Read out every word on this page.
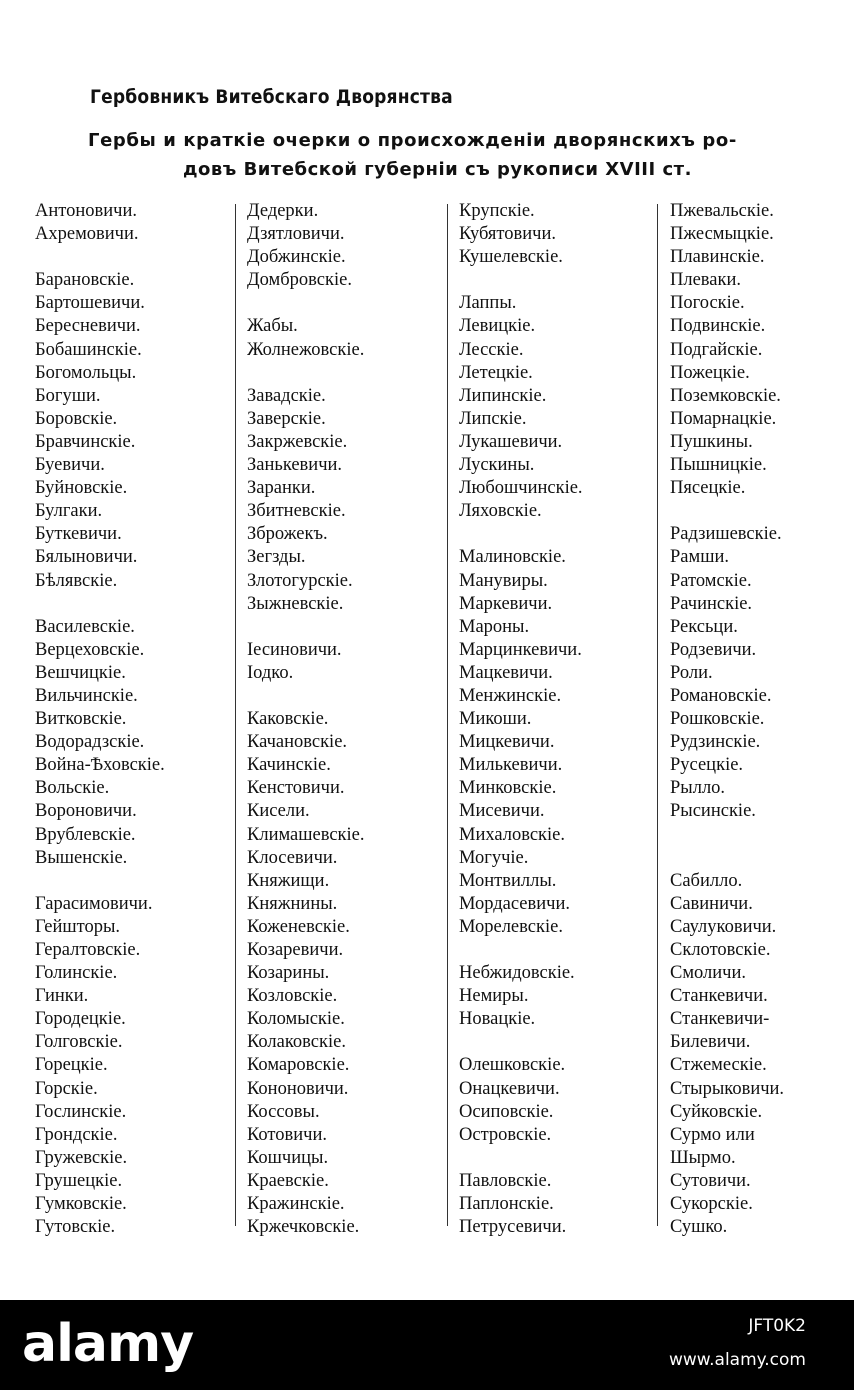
Гербовникъ Витебскаго Дворянства
Гербы и краткіе очерки о происхожденіи дворянскихъ ро-
довъ Витебской губерніи съ рукописи XVIII ст.
Антоновичи.
Ахремовичи.
Барановскіе.
Бартошевичи.
Бересневичи.
Бобашинскіе.
Богомольцы.
Богуши.
Боровскіе.
Бравчинскіе.
Буевичи.
Буйновскіе.
Булгаки.
Буткевичи.
Бялыновичи.
Бѣлявскіе.
Василевскіе.
Верцеховскіе.
Вешчицкіе.
Вильчинскіе.
Витковскіе.
Водорадзскіе.
Война-Ѣховскіе.
Вольскіе.
Вороновичи.
Врублевскіе.
Вышенскіе.
Гарасимовичи.
Гейшторы.
Гералтовскіе.
Голинскіе.
Гинки.
Городецкіе.
Голговскіе.
Горецкіе.
Горскіе.
Гослинскіе.
Грондскіе.
Гружевскіе.
Грушецкіе.
Гумковскіе.
Гутовскіе.
Дедерки.
Дзятловичи.
Добжинскіе.
Домбровскіе.
Жабы.
Жолнежовскіе.
Завадскіе.
Заверскіе.
Закржевскіе.
Занькевичи.
Заранки.
Збитневскіе.
Зброжекъ.
Зегзды.
Злотогурскіе.
Зыжневскіе.
Іесиновичи.
Іодко.
Каковскіе.
Качановскіе.
Качинскіе.
Кенстовичи.
Кисели.
Климашевскіе.
Клосевичи.
Княжищи.
Княжнины.
Коженевскіе.
Козаревичи.
Козарины.
Козловскіе.
Коломыскіе.
Колаковскіе.
Комаровскіе.
Кононовичи.
Коссовы.
Котовичи.
Кошчицы.
Краевскіе.
Кражинскіе.
Кржечковскіе.
Крупскіе.
Кубятовичи.
Кушелевскіе.
Лаппы.
Левицкіе.
Лесскіе.
Летецкіе.
Липинскіе.
Липскіе.
Лукашевичи.
Лускины.
Любошчинскіе.
Ляховскіе.
Малиновскіе.
Манувиры.
Маркевичи.
Мароны.
Марцинкевичи.
Мацкевичи.
Менжинскіе.
Микоши.
Мицкевичи.
Милькевичи.
Минковскіе.
Мисевичи.
Михаловскіе.
Могучіе.
Монтвиллы.
Мордасевичи.
Морелевскіе.
Небжидовскіе.
Немиры.
Новацкіе.
Олешковскіе.
Онацкевичи.
Осиповскіе.
Островскіе.
Павловскіе.
Паплонскіе.
Петрусевичи.
Пжевальскіе.
Пжесмыцкіе.
Плавинскіе.
Плеваки.
Погоскіе.
Подвинскіе.
Подгайскіе.
Пожецкіе.
Поземковскіе.
Помарнацкіе.
Пушкины.
Пышницкіе.
Пясецкіе.
Радзишевскіе.
Рамши.
Ратомскіе.
Рачинскіе.
Рексьци.
Родзевичи.
Роли.
Романовскіе.
Рошковскіе.
Рудзинскіе.
Русецкіе.
Рылло.
Рысинскіе.
Сабилло.
Савиничи.
Саулуковичи.
Склотовскіе.
Смоличи.
Станкевичи.
Станкевичи-
Билевичи.
Стжемескіе.
Стырыковичи.
Суйковскіе.
Сурмо или
Шырмо.
Сутовичи.
Сукорскіе.
Сушко.
alamy	JFT0K2
www.alamy.com
